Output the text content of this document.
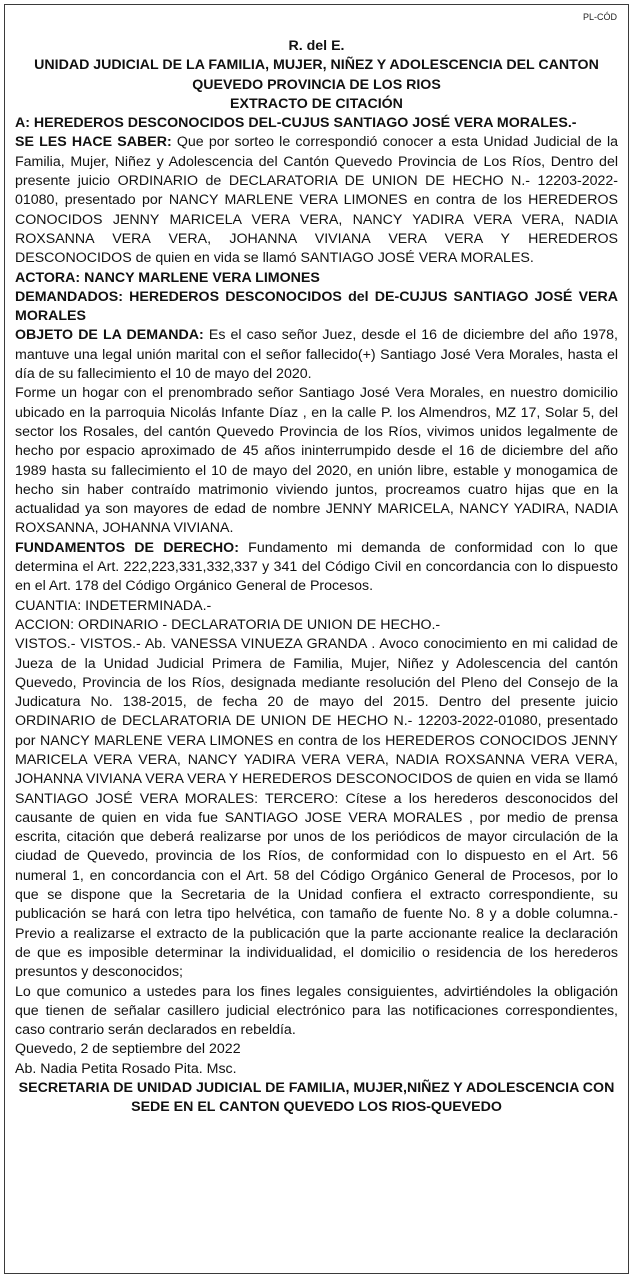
PL-CÓD

R. del E.

UNIDAD JUDICIAL DE LA FAMILIA, MUJER, NIÑEZ Y ADOLESCENCIA DEL CANTON QUEVEDO PROVINCIA DE LOS RIOS

EXTRACTO DE CITACIÓN

A: HEREDEROS DESCONOCIDOS DEL-CUJUS SANTIAGO JOSÉ VERA MORALES.-

SE LES HACE SABER: Que por sorteo le correspondió conocer a esta Unidad Judicial de la Familia, Mujer, Niñez y Adolescencia del Cantón Quevedo Provincia de Los Ríos, Dentro del presente juicio ORDINARIO de DECLARATORIA DE UNION DE HECHO N.- 12203-2022-01080, presentado por NANCY MARLENE VERA LIMONES en contra de los HEREDEROS CONOCIDOS JENNY MARICELA VERA VERA, NANCY YADIRA VERA VERA, NADIA ROXSANNA VERA VERA, JOHANNA VIVIANA VERA VERA Y HEREDEROS DESCONOCIDOS de quien en vida se llamó SANTIAGO JOSÉ VERA MORALES.

ACTORA: NANCY MARLENE VERA LIMONES

DEMANDADOS: HEREDEROS DESCONOCIDOS del DE-CUJUS SANTIAGO JOSÉ VERA MORALES

OBJETO DE LA DEMANDA: Es el caso señor Juez, desde el 16 de diciembre del año 1978, mantuve una legal unión marital con el señor fallecido(+) Santiago José Vera Morales, hasta el día de su fallecimiento el 10 de mayo del 2020.

Forme un hogar con el prenombrado señor Santiago José Vera Morales, en nuestro domicilio ubicado en la parroquia Nicolás Infante Díaz , en la calle P. los Almendros, MZ 17, Solar 5, del sector los Rosales, del cantón Quevedo Provincia de los Ríos, vivimos unidos legalmente de hecho por espacio aproximado de 45 años ininterrumpido desde el 16 de diciembre del año 1989 hasta su fallecimiento el 10 de mayo del 2020, en unión libre, estable y monogamica de hecho sin haber contraído matrimonio viviendo juntos, procreamos cuatro hijas que en la actualidad ya son mayores de edad de nombre JENNY MARICELA, NANCY YADIRA, NADIA ROXSANNA, JOHANNA VIVIANA.

FUNDAMENTOS DE DERECHO: Fundamento mi demanda de conformidad con lo que determina el Art. 222,223,331,332,337 y 341 del Código Civil en concordancia con lo dispuesto en el Art. 178 del Código Orgánico General de Procesos.

CUANTIA: INDETERMINADA.-

ACCION: ORDINARIO - DECLARATORIA DE UNION DE HECHO.-

VISTOS.- VISTOS.- Ab. VANESSA VINUEZA GRANDA . Avoco conocimiento en mi calidad de Jueza de la Unidad Judicial Primera de Familia, Mujer, Niñez y Adolescencia del cantón Quevedo, Provincia de los Ríos, designada mediante resolución del Pleno del Consejo de la Judicatura No. 138-2015, de fecha 20 de mayo del 2015. Dentro del presente juicio ORDINARIO de DECLARATORIA DE UNION DE HECHO N.- 12203-2022-01080, presentado por NANCY MARLENE VERA LIMONES en contra de los HEREDEROS CONOCIDOS JENNY MARICELA VERA VERA, NANCY YADIRA VERA VERA, NADIA ROXSANNA VERA VERA, JOHANNA VIVIANA VERA VERA Y HEREDEROS DESCONOCIDOS de quien en vida se llamó SANTIAGO JOSÉ VERA MORALES: TERCERO: Cítese a los herederos desconocidos del causante de quien en vida fue SANTIAGO JOSE VERA MORALES , por medio de prensa escrita, citación que deberá realizarse por unos de los periódicos de mayor circulación de la ciudad de Quevedo, provincia de los Ríos, de conformidad con lo dispuesto en el Art. 56 numeral 1, en concordancia con el Art. 58 del Código Orgánico General de Procesos, por lo que se dispone que la Secretaria de la Unidad confiera el extracto correspondiente, su publicación se hará con letra tipo helvética, con tamaño de fuente No. 8 y a doble columna.- Previo a realizarse el extracto de la publicación que la parte accionante realice la declaración de que es imposible determinar la individualidad, el domicilio o residencia de los herederos presuntos y desconocidos;

Lo que comunico a ustedes para los fines legales consiguientes, advirtiéndoles la obligación que tienen de señalar casillero judicial electrónico para las notificaciones correspondientes, caso contrario serán declarados en rebeldía.

Quevedo, 2 de septiembre del 2022

Ab. Nadia Petita Rosado Pita. Msc.

SECRETARIA DE UNIDAD JUDICIAL DE FAMILIA, MUJER,NIÑEZ Y ADOLESCENCIA CON SEDE EN EL CANTON QUEVEDO LOS RIOS-QUEVEDO
